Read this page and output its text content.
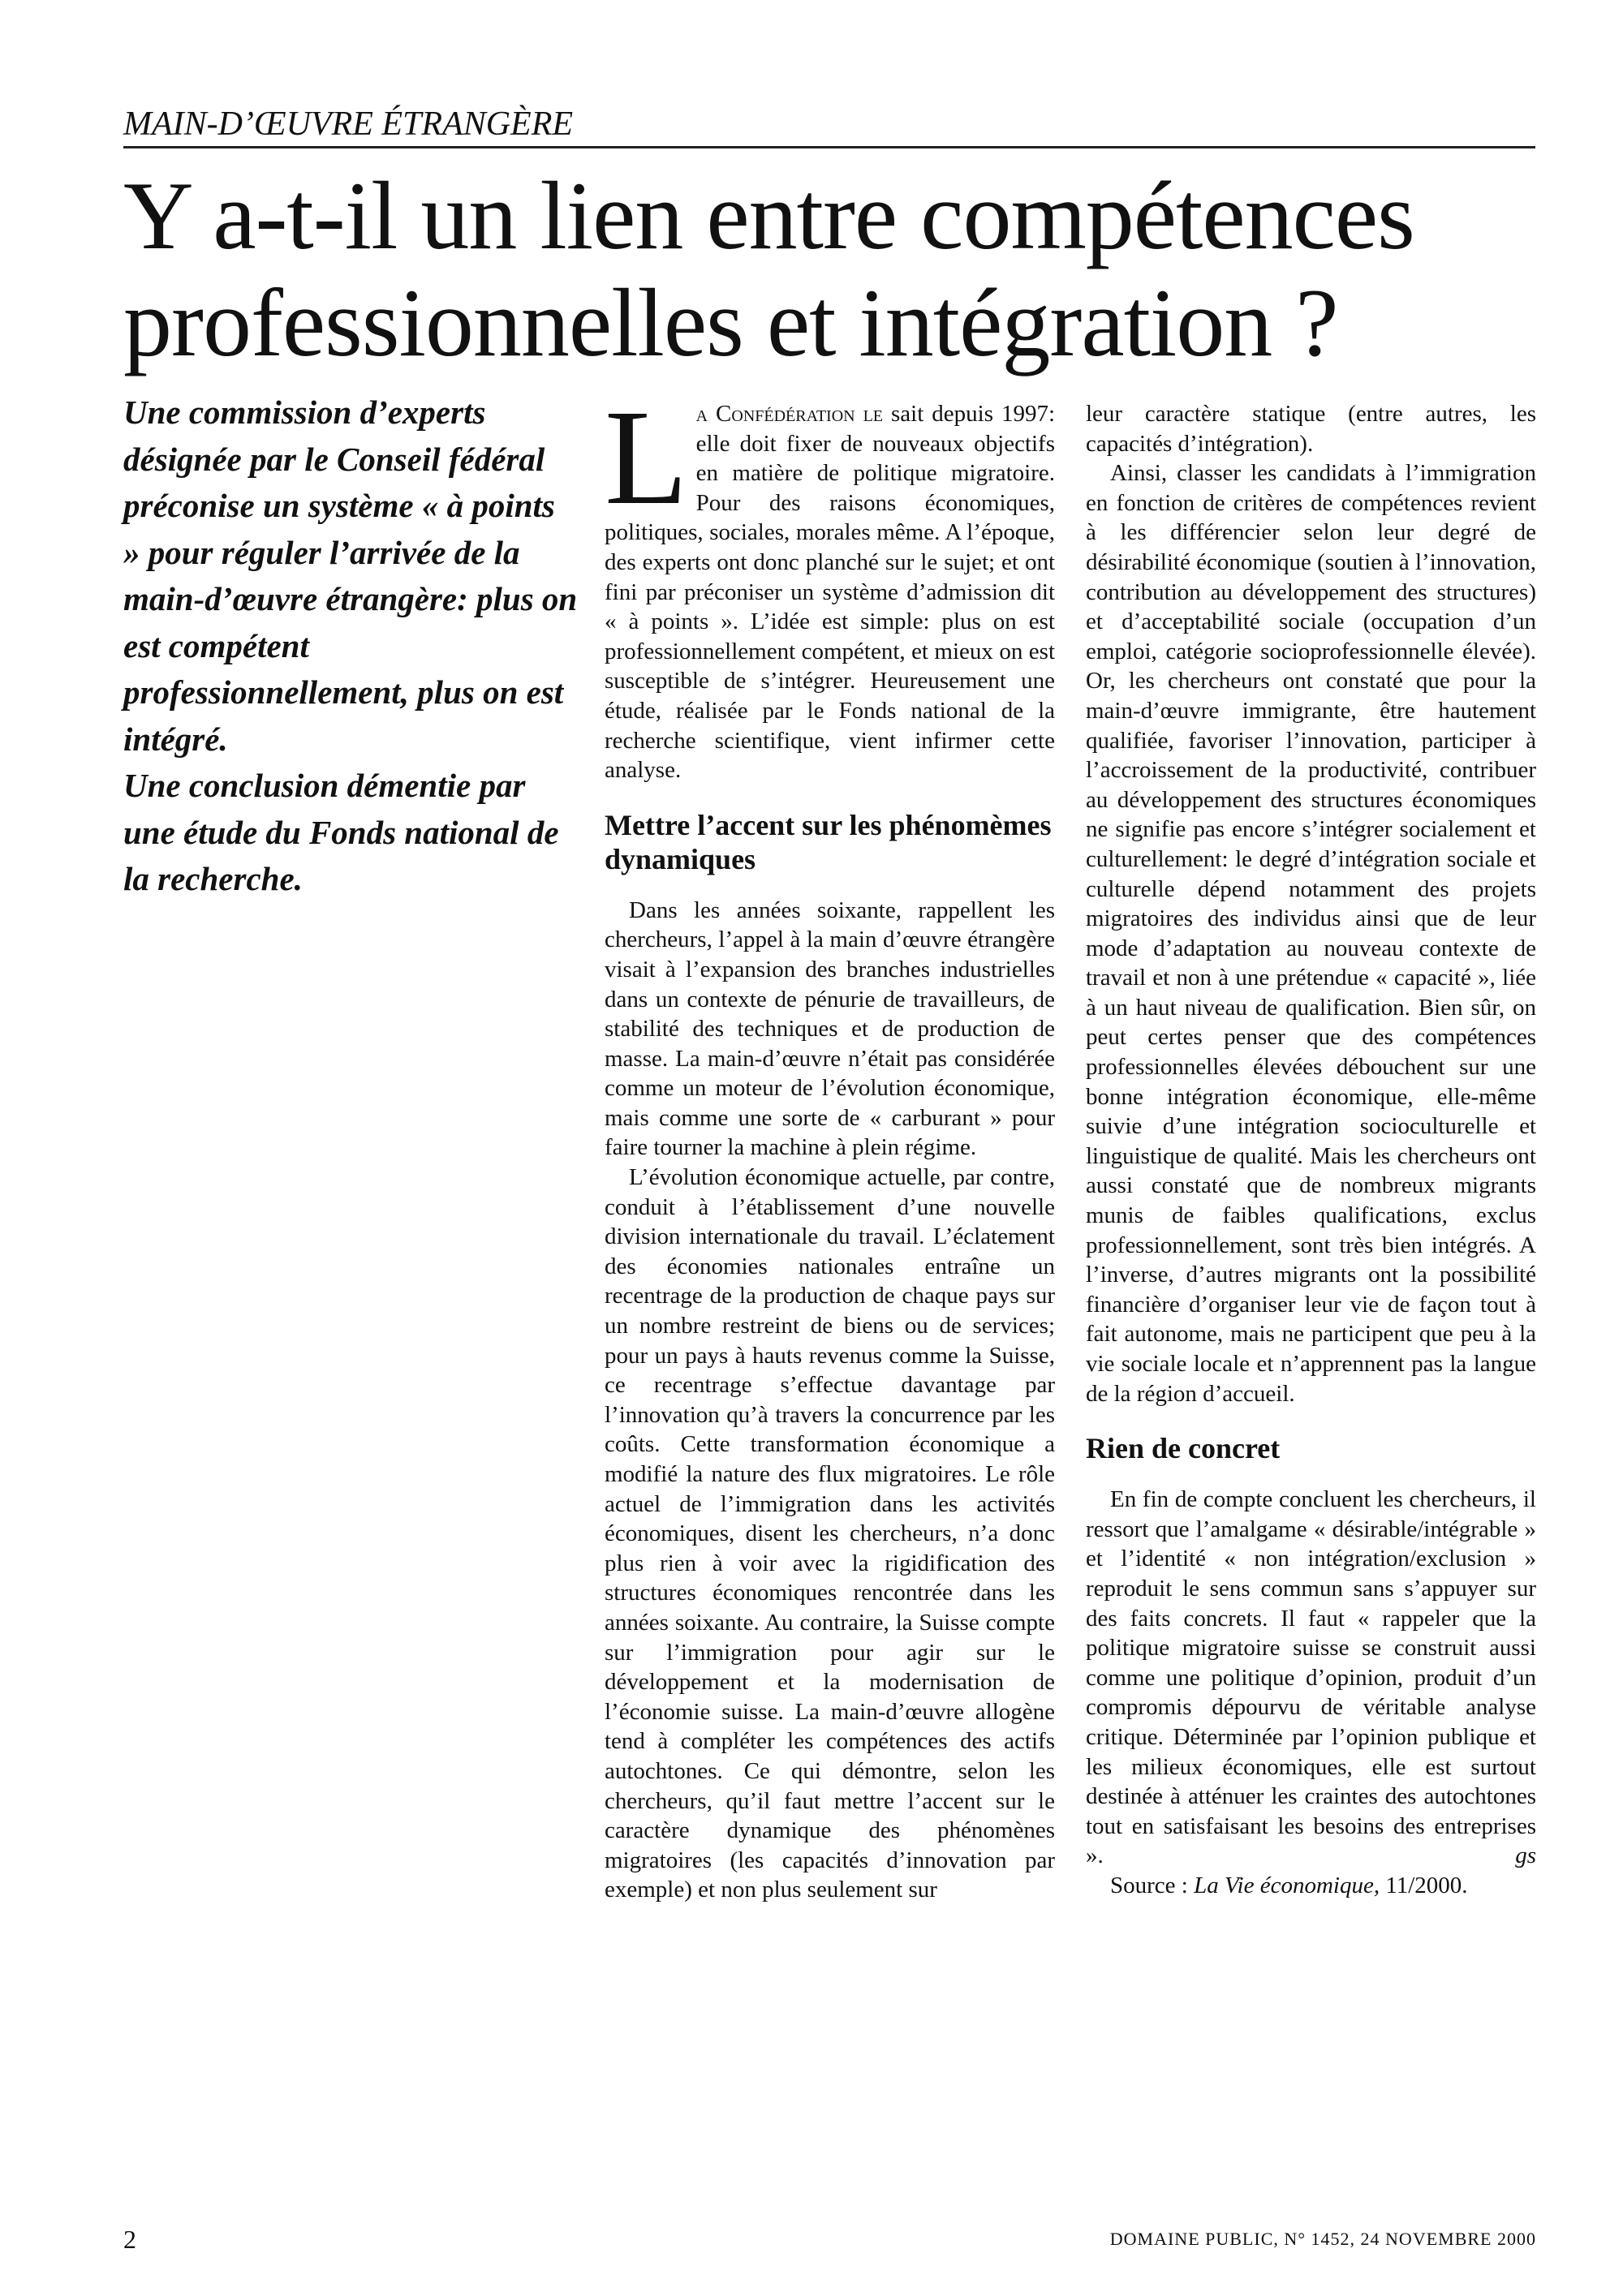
MAIN-D’ŒUVRE ÉTRANGÈRE
Y a-t-il un lien entre compétences professionnelles et intégration ?

Une commission d’experts désignée par le Conseil fédéral préconise un système « à points » pour réguler l’arrivée de la main-d’œuvre étrangère: plus on est compétent professionnellement, plus on est intégré.

Une conclusion démentie par une étude du Fonds national de la recherche.

La Confédération le sait depuis 1997: elle doit fixer de nouveaux objectifs en matière de politique migratoire. Pour des raisons économiques, politiques, sociales, morales même. A l’époque, des experts ont donc planché sur le sujet; et ont fini par préconiser un système d’admission dit « à points ». L’idée est simple: plus on est professionnellement compétent, et mieux on est susceptible de s’intégrer. Heureusement une étude, réalisée par le Fonds national de la recherche scientifique, vient infirmer cette analyse.

Mettre l’accent sur les phénomèmes dynamiques

Dans les années soixante, rappellent les chercheurs, l’appel à la main d’œuvre étrangère visait à l’expansion des branches industrielles dans un contexte de pénurie de travailleurs, de stabilité des techniques et de production de masse. La main-d’œuvre n’était pas considérée comme un moteur de l’évolution économique, mais comme une sorte de « carburant » pour faire tourner la machine à plein régime.

L’évolution économique actuelle, par contre, conduit à l’établissement d’une nouvelle division internationale du travail. L’éclatement des économies nationales entraîne un recentrage de la production de chaque pays sur un nombre restreint de biens ou de services; pour un pays à hauts revenus comme la Suisse, ce recentrage s’effectue davantage par l’innovation qu’à travers la concurrence par les coûts. Cette transformation économique a modifié la nature des flux migratoires. Le rôle actuel de l’immigration dans les activités économiques, disent les chercheurs, n’a donc plus rien à voir avec la rigidification des structures économiques rencontrée dans les années soixante. Au contraire, la Suisse compte sur l’immigration pour agir sur le développement et la modernisation de l’économie suisse. La main-d’œuvre allogène tend à compléter les compétences des actifs autochtones. Ce qui démontre, selon les chercheurs, qu’il faut mettre l’accent sur le caractère dynamique des phénomènes migratoires (les capacités d’innovation par exemple) et non plus seulement sur

leur caractère statique (entre autres, les capacités d’intégration).

Ainsi, classer les candidats à l’immigration en fonction de critères de compétences revient à les différencier selon leur degré de désirabilité économique (soutien à l’innovation, contribution au développement des structures) et d’acceptabilité sociale (occupation d’un emploi, catégorie socioprofessionnelle élevée). Or, les chercheurs ont constaté que pour la main-d’œuvre immigrante, être hautement qualifiée, favoriser l’innovation, participer à l’accroissement de la productivité, contribuer au développement des structures économiques ne signifie pas encore s’intégrer socialement et culturellement: le degré d’intégration sociale et culturelle dépend notamment des projets migratoires des individus ainsi que de leur mode d’adaptation au nouveau contexte de travail et non à une prétendue « capacité », liée à un haut niveau de qualification. Bien sûr, on peut certes penser que des compétences professionnelles élevées débouchent sur une bonne intégration économique, elle-même suivie d’une intégration socioculturelle et linguistique de qualité. Mais les chercheurs ont aussi constaté que de nombreux migrants munis de faibles qualifications, exclus professionnellement, sont très bien intégrés. A l’inverse, d’autres migrants ont la possibilité financière d’organiser leur vie de façon tout à fait autonome, mais ne participent que peu à la vie sociale locale et n’apprennent pas la langue de la région d’accueil.

Rien de concret

En fin de compte concluent les chercheurs, il ressort que l’amalgame « désirable/intégrable » et l’identité « non intégration/exclusion » reproduit le sens commun sans s’appuyer sur des faits concrets. Il faut « rappeler que la politique migratoire suisse se construit aussi comme une politique d’opinion, produit d’un compromis dépourvu de véritable analyse critique. Déterminée par l’opinion publique et les milieux économiques, elle est surtout destinée à atténuer les craintes des autochtones tout en satisfaisant les besoins des entreprises ».	gs

Source : La Vie économique, 11/2000.

2	DOMAINE PUBLIC, N° 1452, 24 NOVEMBRE 2000
